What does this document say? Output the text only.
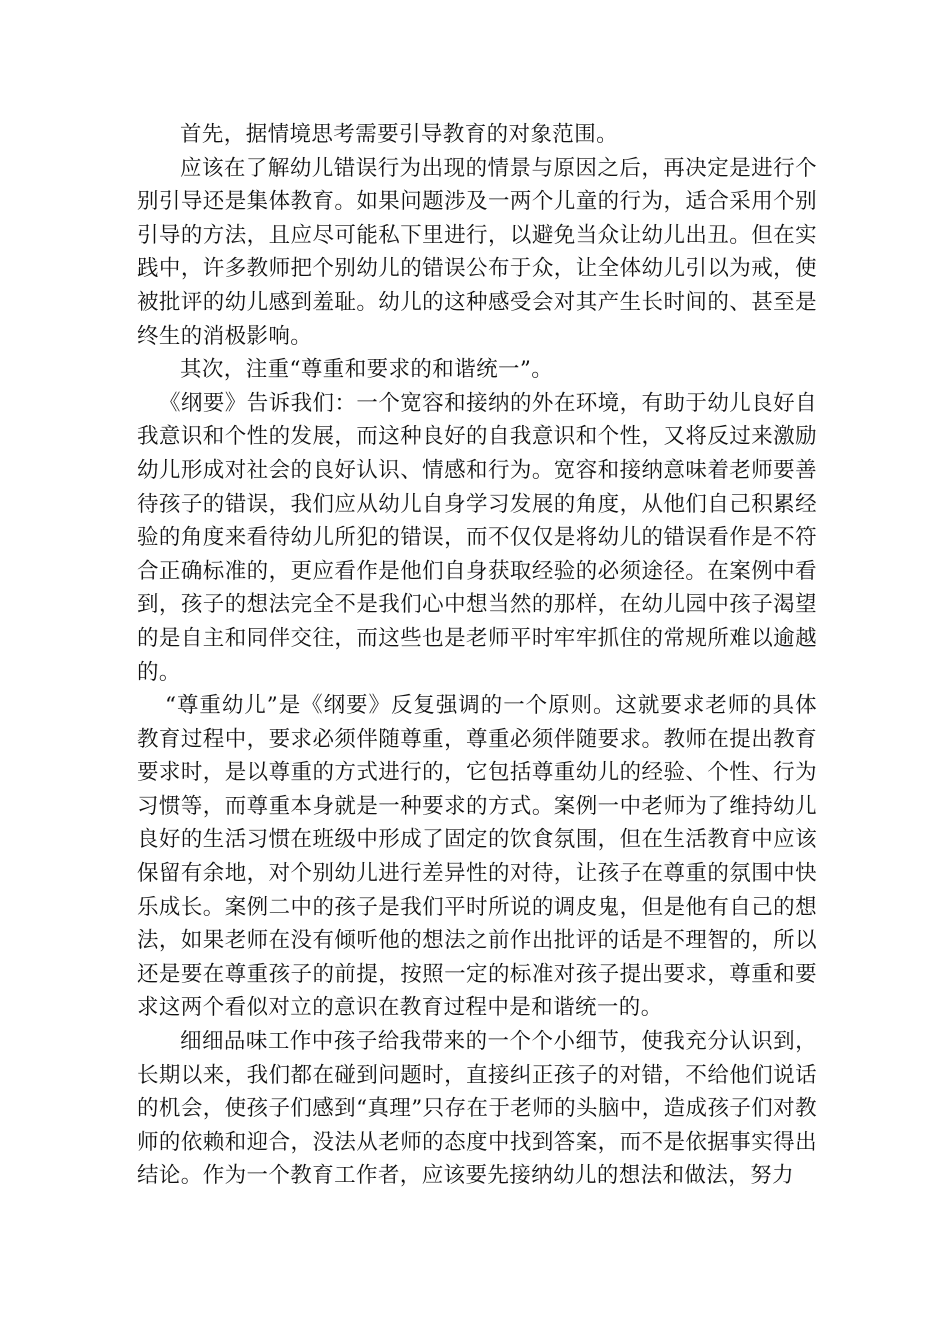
首先，据情境思考需要引导教育的对象范围。

应该在了解幼儿错误行为出现的情景与原因之后，再决定是进行个别引导还是集体教育。如果问题涉及一两个儿童的行为，适合采用个别引导的方法，且应尽可能私下里进行，以避免当众让幼儿出丑。但在实践中，许多教师把个别幼儿的错误公布于众，让全体幼儿引以为戒，使被批评的幼儿感到羞耻。幼儿的这种感受会对其产生长时间的、甚至是终生的消极影响。

其次，注重“尊重和要求的和谐统一”。

《纲要》告诉我们：一个宽容和接纳的外在环境，有助于幼儿良好自我意识和个性的发展，而这种良好的自我意识和个性，又将反过来激励幼儿形成对社会的良好认识、情感和行为。宽容和接纳意味着老师要善待孩子的错误，我们应从幼儿自身学习发展的角度，从他们自己积累经验的角度来看待幼儿所犯的错误，而不仅仅是将幼儿的错误看作是不符合正确标准的，更应看作是他们自身获取经验的必须途径。在案例中看到，孩子的想法完全不是我们心中想当然的那样，在幼儿园中孩子渴望的是自主和同伴交往，而这些也是老师平时牢牢抓住的常规所难以逾越的。

“尊重幼儿”是《纲要》反复强调的一个原则。这就要求老师的具体教育过程中，要求必须伴随尊重，尊重必须伴随要求。教师在提出教育要求时，是以尊重的方式进行的，它包括尊重幼儿的经验、个性、行为习惯等，而尊重本身就是一种要求的方式。案例一中老师为了维持幼儿良好的生活习惯在班级中形成了固定的饮食氛围，但在生活教育中应该保留有余地，对个别幼儿进行差异性的对待，让孩子在尊重的氛围中快乐成长。案例二中的孩子是我们平时所说的调皮鬼，但是他有自己的想法，如果老师在没有倾听他的想法之前作出批评的话是不理智的，所以还是要在尊重孩子的前提，按照一定的标准对孩子提出要求，尊重和要求这两个看似对立的意识在教育过程中是和谐统一的。

细细品味工作中孩子给我带来的一个个小细节，使我充分认识到，长期以来，我们都在碰到问题时，直接纠正孩子的对错，不给他们说话的机会，使孩子们感到“真理”只存在于老师的头脑中，造成孩子们对教师的依赖和迎合，没法从老师的态度中找到答案，而不是依据事实得出结论。作为一个教育工作者，应该要先接纳幼儿的想法和做法，努力
